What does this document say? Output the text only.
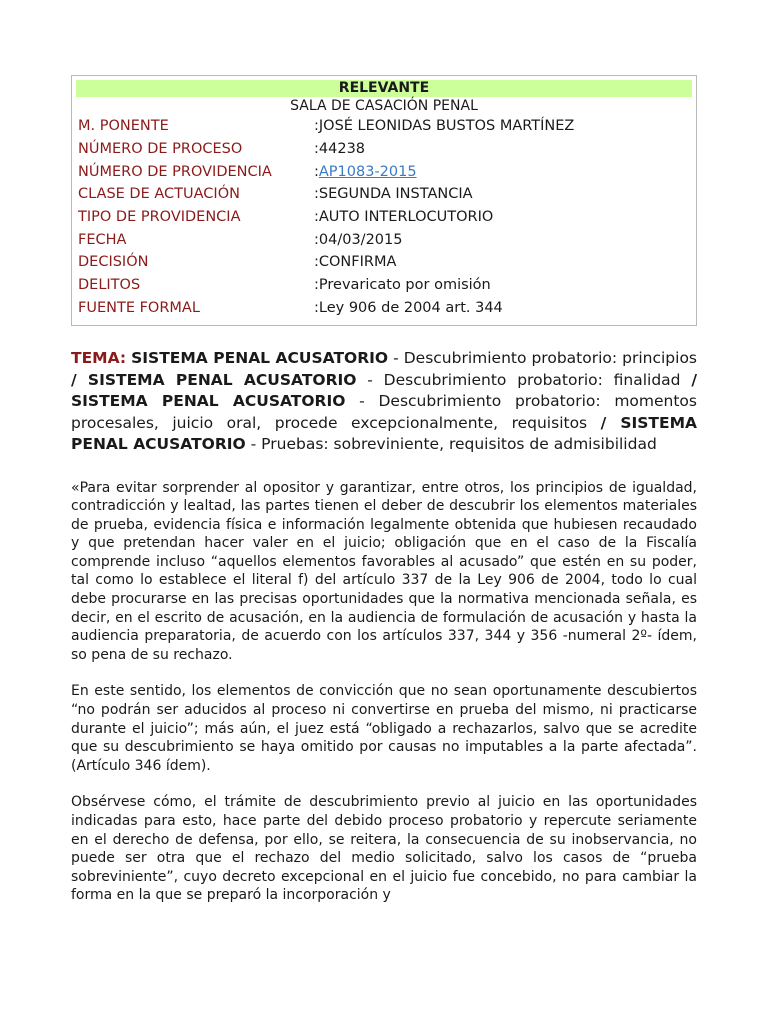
RELEVANTE
SALA DE CASACIÓN PENAL
M. PONENTE	:JOSÉ LEONIDAS BUSTOS MARTÍNEZ
NÚMERO DE PROCESO	:44238
NÚMERO DE PROVIDENCIA	:AP1083-2015
CLASE DE ACTUACIÓN	:SEGUNDA INSTANCIA
TIPO DE PROVIDENCIA	:AUTO INTERLOCUTORIO
FECHA	:04/03/2015
DECISIÓN	:CONFIRMA
DELITOS	:Prevaricato por omisión
FUENTE FORMAL	:Ley 906 de 2004 art. 344

TEMA: SISTEMA PENAL ACUSATORIO - Descubrimiento probatorio: principios / SISTEMA PENAL ACUSATORIO - Descubrimiento probatorio: finalidad / SISTEMA PENAL ACUSATORIO - Descubrimiento probatorio: momentos procesales, juicio oral, procede excepcionalmente, requisitos / SISTEMA PENAL ACUSATORIO - Pruebas: sobreviniente, requisitos de admisibilidad

«Para evitar sorprender al opositor y garantizar, entre otros, los principios de igualdad, contradicción y lealtad, las partes tienen el deber de descubrir los elementos materiales de prueba, evidencia física e información legalmente obtenida que hubiesen recaudado y que pretendan hacer valer en el juicio; obligación que en el caso de la Fiscalía comprende incluso “aquellos elementos favorables al acusado” que estén en su poder, tal como lo establece el literal f) del artículo 337 de la Ley 906 de 2004, todo lo cual debe procurarse en las precisas oportunidades que la normativa mencionada señala, es decir, en el escrito de acusación, en la audiencia de formulación de acusación y hasta la audiencia preparatoria, de acuerdo con los artículos 337, 344 y 356 -numeral 2º- ídem, so pena de su rechazo.

En este sentido, los elementos de convicción que no sean oportunamente descubiertos “no podrán ser aducidos al proceso ni convertirse en prueba del mismo, ni practicarse durante el juicio”; más aún, el juez está “obligado a rechazarlos, salvo que se acredite que su descubrimiento se haya omitido por causas no imputables a la parte afectada”.(Artículo 346 ídem).

Obsérvese cómo, el trámite de descubrimiento previo al juicio en las oportunidades indicadas para esto, hace parte del debido proceso probatorio y repercute seriamente en el derecho de defensa, por ello, se reitera, la consecuencia de su inobservancia, no puede ser otra que el rechazo del medio solicitado, salvo los casos de “prueba sobreviniente”, cuyo decreto excepcional en el juicio fue concebido, no para cambiar la forma en la que se preparó la incorporación y
